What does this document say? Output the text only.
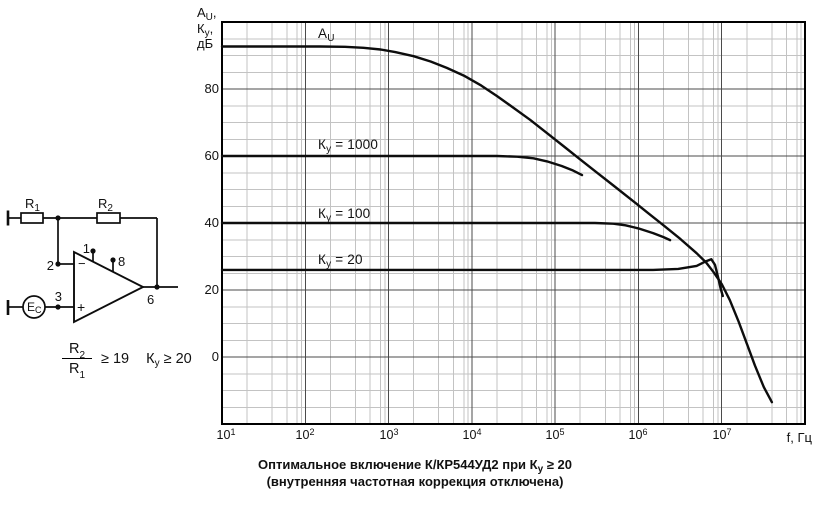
$R_1$	$R_2$
1
8
2
3	6
−
+
EC
$A_U$,
$К_у$,
дБ
80
60
40
20
0
$10^1$	$10^2$	$10^3$	$10^4$	$10^5$	$10^6$	$10^7$	f, Гц
$A_U$
$К_у = 1000$
$К_у = 100$
$К_у = 20$
$\frac{R_2}{R_1} \ge 19$ $К_у \ge 20$
Оптимальное включение К/КР544УД2 при $К_у \ge 20$
(внутренняя частотная коррекция отключена)
